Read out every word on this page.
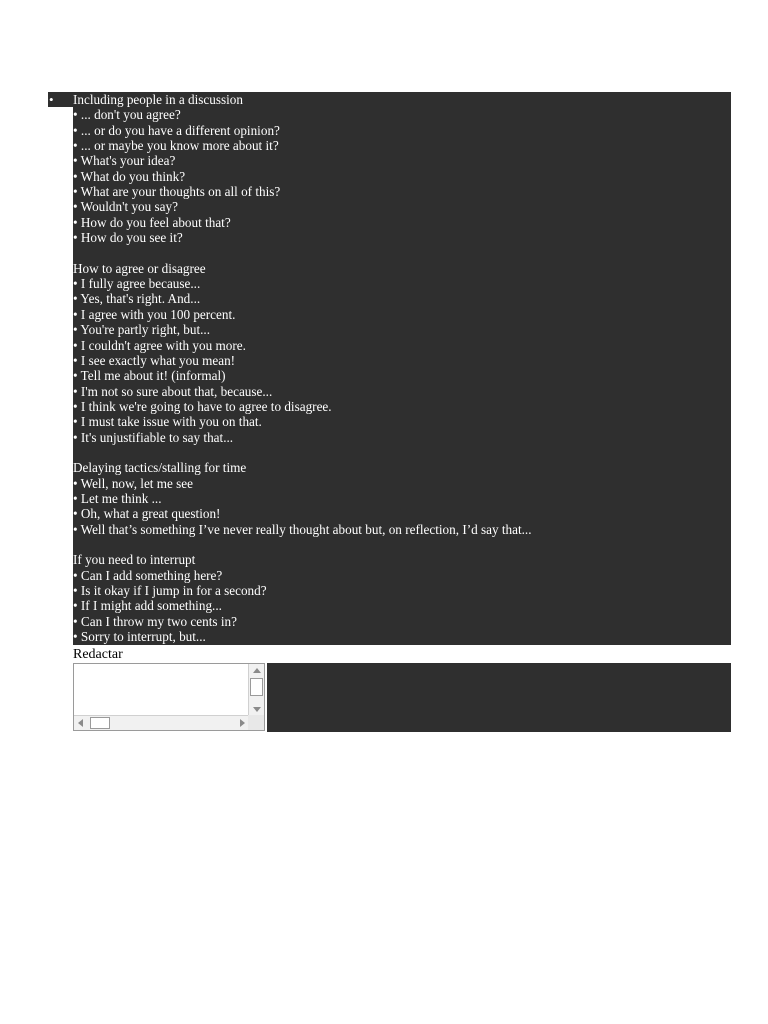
• Including people in a discussion
• ... don't you agree?
• ... or do you have a different opinion?
• ... or maybe you know more about it?
• What's your idea?
• What do you think?
• What are your thoughts on all of this?
• Wouldn't you say?
• How do you feel about that?
• How do you see it?
How to agree or disagree
• I fully agree because...
• Yes, that's right. And...
• I agree with you 100 percent.
• You're partly right, but...
• I couldn't agree with you more.
• I see exactly what you mean!
• Tell me about it! (informal)
• I'm not so sure about that, because...
• I think we're going to have to agree to disagree.
• I must take issue with you on that.
• It's unjustifiable to say that...
Delaying tactics/stalling for time
• Well, now, let me see
• Let me think ...
• Oh, what a great question!
• Well that’s something I’ve never really thought about but, on reflection, I’d say that...
If you need to interrupt
• Can I add something here?
• Is it okay if I jump in for a second?
• If I might add something...
• Can I throw my two cents in?
• Sorry to interrupt, but...
Redactar
